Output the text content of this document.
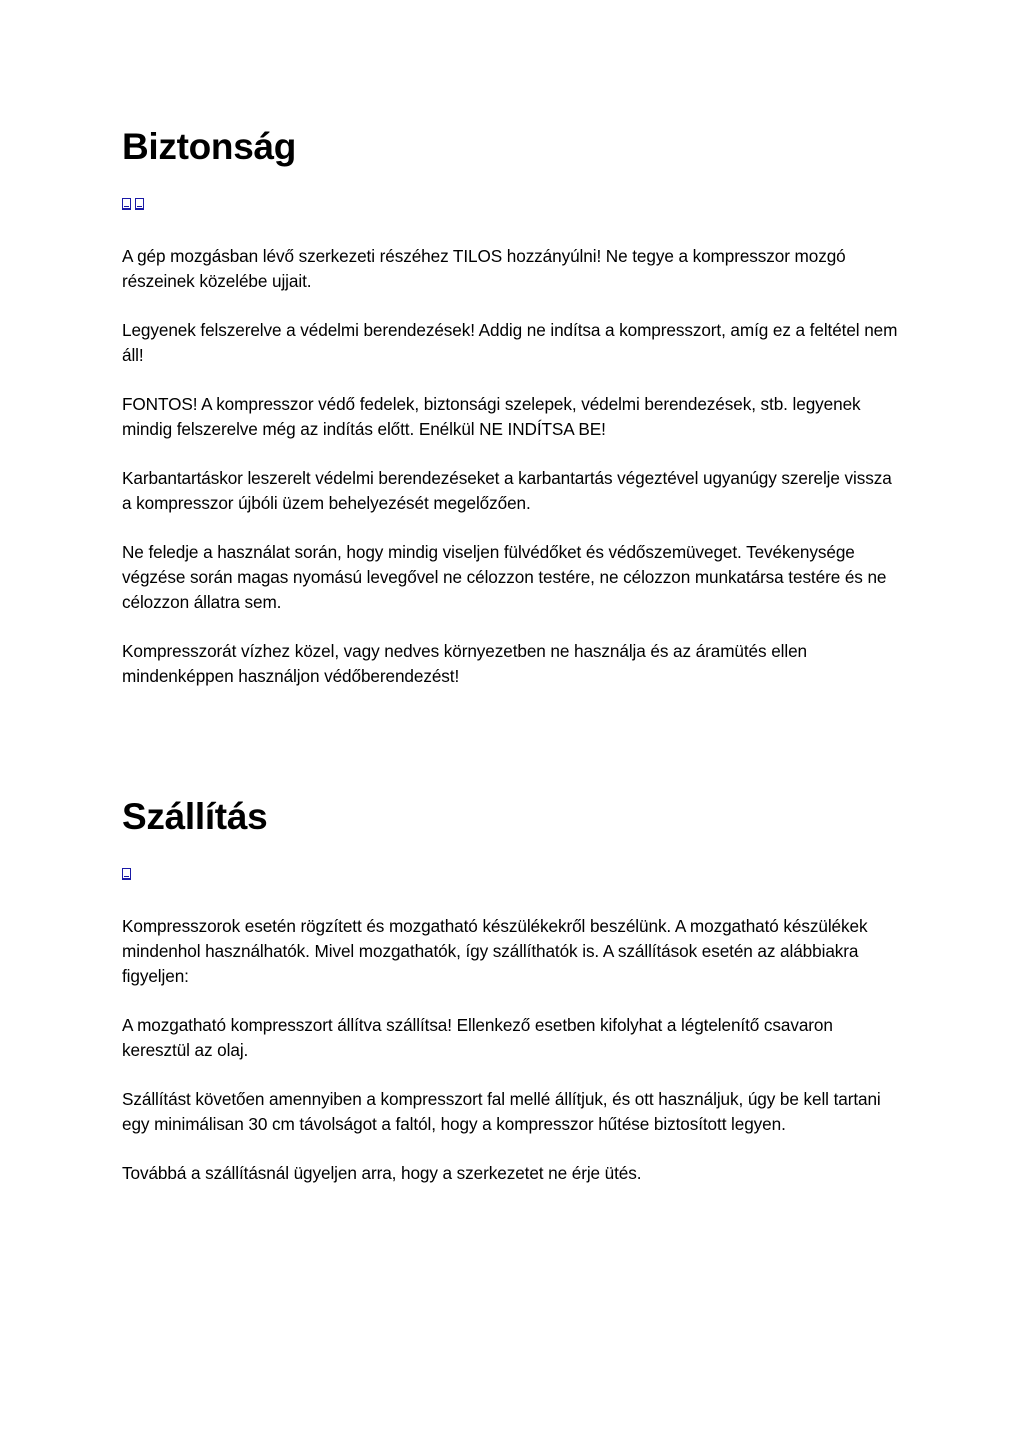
Biztonság

A gép mozgásban lévő szerkezeti részéhez TILOS hozzányúlni! Ne tegye a kompresszor mozgó részeinek közelébe ujjait.

Legyenek felszerelve a védelmi berendezések! Addig ne indítsa a kompresszort, amíg ez a feltétel nem áll!

FONTOS! A kompresszor védő fedelek, biztonsági szelepek, védelmi berendezések, stb. legyenek mindig felszerelve még az indítás előtt. Enélkül NE INDÍTSA BE!

Karbantartáskor leszerelt védelmi berendezéseket a karbantartás végeztével ugyanúgy szerelje vissza a kompresszor újbóli üzem behelyezését megelőzően.

Ne feledje a használat során, hogy mindig viseljen fülvédőket és védőszemüveget. Tevékenysége végzése során magas nyomású levegővel ne célozzon testére, ne célozzon munkatársa testére és ne célozzon állatra sem.

Kompresszorát vízhez közel, vagy nedves környezetben ne használja és az áramütés ellen mindenképpen használjon védőberendezést!

Szállítás

Kompresszorok esetén rögzített és mozgatható készülékekről beszélünk. A mozgatható készülékek mindenhol használhatók. Mivel mozgathatók, így szállíthatók is. A szállítások esetén az alábbiakra figyeljen:

A mozgatható kompresszort állítva szállítsa! Ellenkező esetben kifolyhat a légtelenítő csavaron keresztül az olaj.

Szállítást követően amennyiben a kompresszort fal mellé állítjuk, és ott használjuk, úgy be kell tartani egy minimálisan 30 cm távolságot a faltól, hogy a kompresszor hűtése biztosított legyen.

Továbbá a szállításnál ügyeljen arra, hogy a szerkezetet ne érje ütés.
